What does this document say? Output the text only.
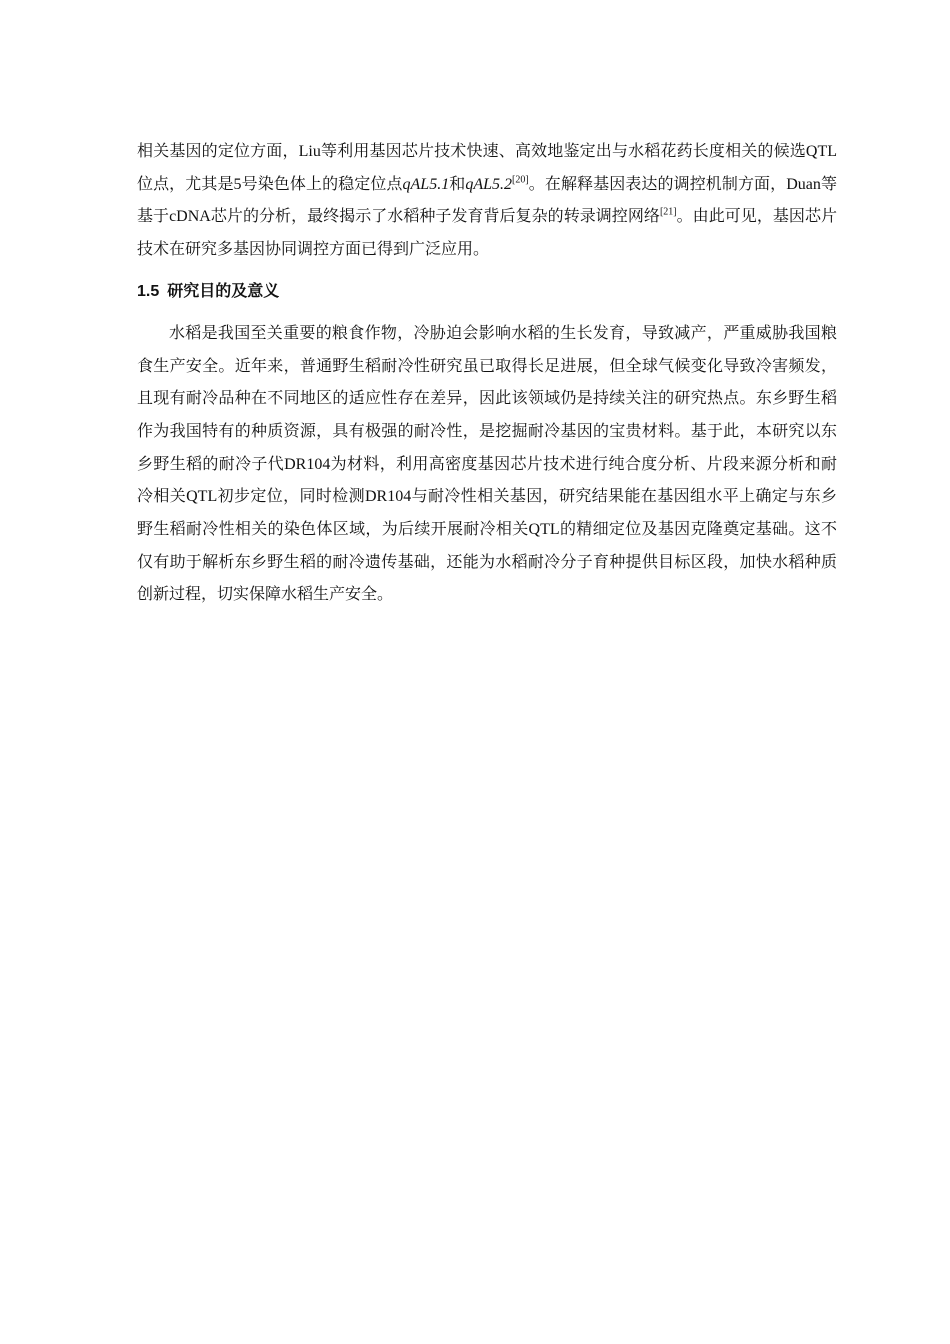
相关基因的定位方面，Liu等利用基因芯片技术快速、高效地鉴定出与水稻花药长度相关的候选QTL位点，尤其是5号染色体上的稳定位点qAL5.1和qAL5.2[20]。在解释基因表达的调控机制方面，Duan等基于cDNA芯片的分析，最终揭示了水稻种子发育背后复杂的转录调控网络[21]。由此可见，基因芯片技术在研究多基因协同调控方面已得到广泛应用。

1.5 研究目的及意义

水稻是我国至关重要的粮食作物，冷胁迫会影响水稻的生长发育，导致减产，严重威胁我国粮食生产安全。近年来，普通野生稻耐冷性研究虽已取得长足进展，但全球气候变化导致冷害频发，且现有耐冷品种在不同地区的适应性存在差异，因此该领域仍是持续关注的研究热点。东乡野生稻作为我国特有的种质资源，具有极强的耐冷性，是挖掘耐冷基因的宝贵材料。基于此，本研究以东乡野生稻的耐冷子代DR104为材料，利用高密度基因芯片技术进行纯合度分析、片段来源分析和耐冷相关QTL初步定位，同时检测DR104与耐冷性相关基因，研究结果能在基因组水平上确定与东乡野生稻耐冷性相关的染色体区域，为后续开展耐冷相关QTL的精细定位及基因克隆奠定基础。这不仅有助于解析东乡野生稻的耐冷遗传基础，还能为水稻耐冷分子育种提供目标区段，加快水稻种质创新过程，切实保障水稻生产安全。
